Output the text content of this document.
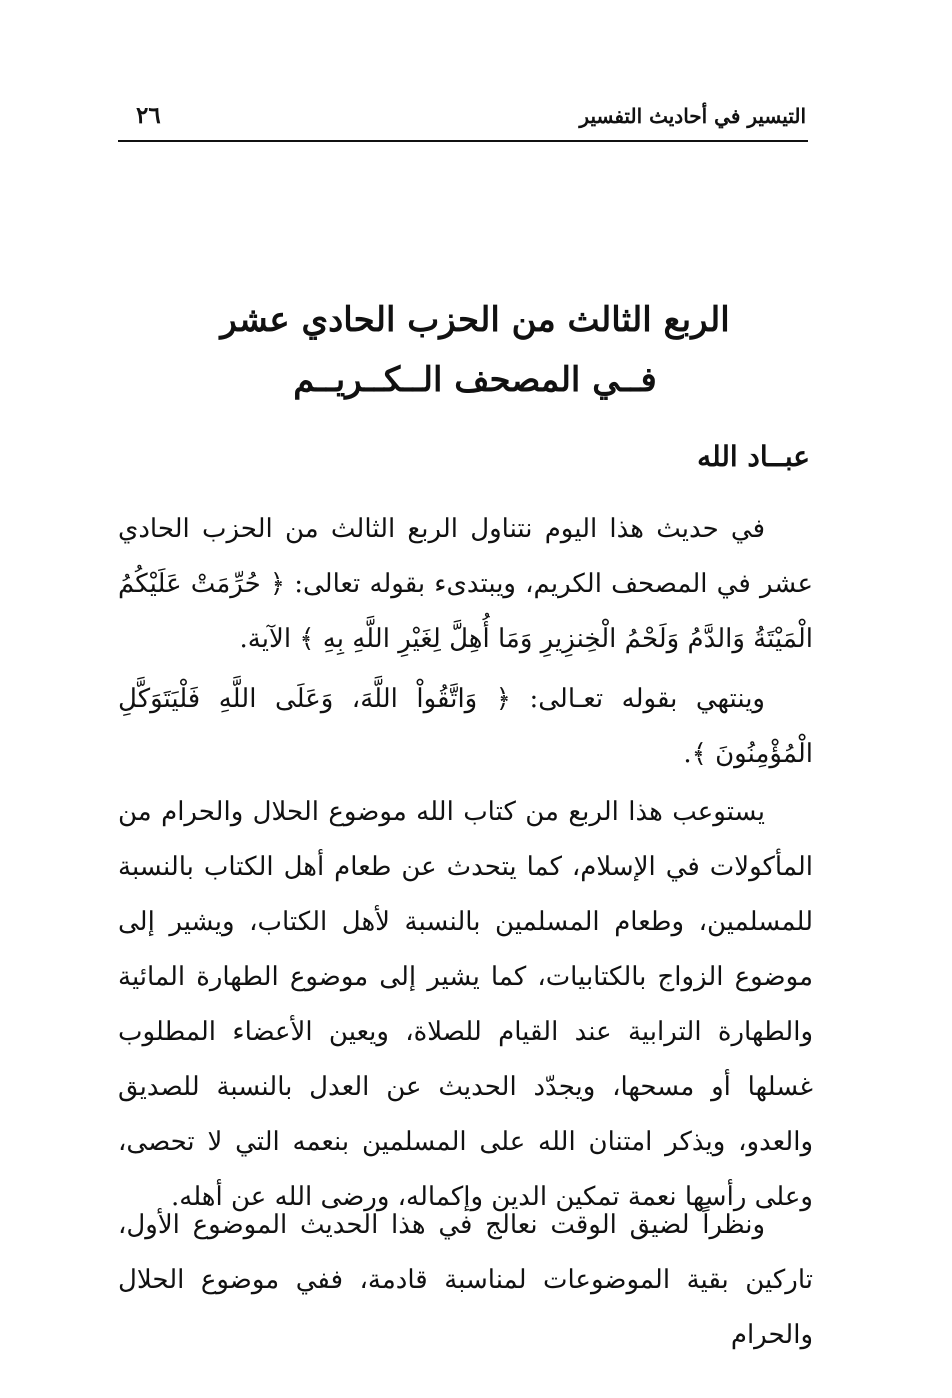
٢٦	التيسير في أحاديث التفسير
الربع الثالث من الحزب الحادي عشر
فــي المصحف الــكــريــم
عبــاد الله

في حديث هذا اليوم نتناول الربع الثالث من الحزب الحادي عشر في المصحف الكريم، ويبتدىء بقوله تعالى: ﴿ حُرِّمَتْ عَلَيْكُمُ الْمَيْتَةُ وَالدَّمُ وَلَحْمُ الْخِنزِيرِ وَمَا أُهِلَّ لِغَيْرِ اللَّهِ بِهِ ﴾ الآية.

وينتهي بقوله تعـالى: ﴿ وَاتَّقُواْ اللَّهَ، وَعَلَى اللَّهِ فَلْيَتَوَكَّلِ الْمُؤْمِنُونَ ﴾.

يستوعب هذا الربع من كتاب الله موضوع الحلال والحرام من المأكولات في الإسلام، كما يتحدث عن طعام أهل الكتاب بالنسبة للمسلمين، وطعام المسلمين بالنسبة لأهل الكتاب، ويشير إلى موضوع الزواج بالكتابيات، كما يشير إلى موضوع الطهارة المائية والطهارة الترابية عند القيام للصلاة، ويعين الأعضاء المطلوب غسلها أو مسحها، ويجدّد الحديث عن العدل بالنسبة للصديق والعدو، ويذكر امتنان الله على المسلمين بنعمه التي لا تحصى، وعلى رأسها نعمة تمكين الدين وإكماله، ورضى الله عن أهله.

ونظراً لضيق الوقت نعالج في هذا الحديث الموضوع الأول، تاركين بقية الموضوعات لمناسبة قادمة، ففي موضوع الحلال والحرام
